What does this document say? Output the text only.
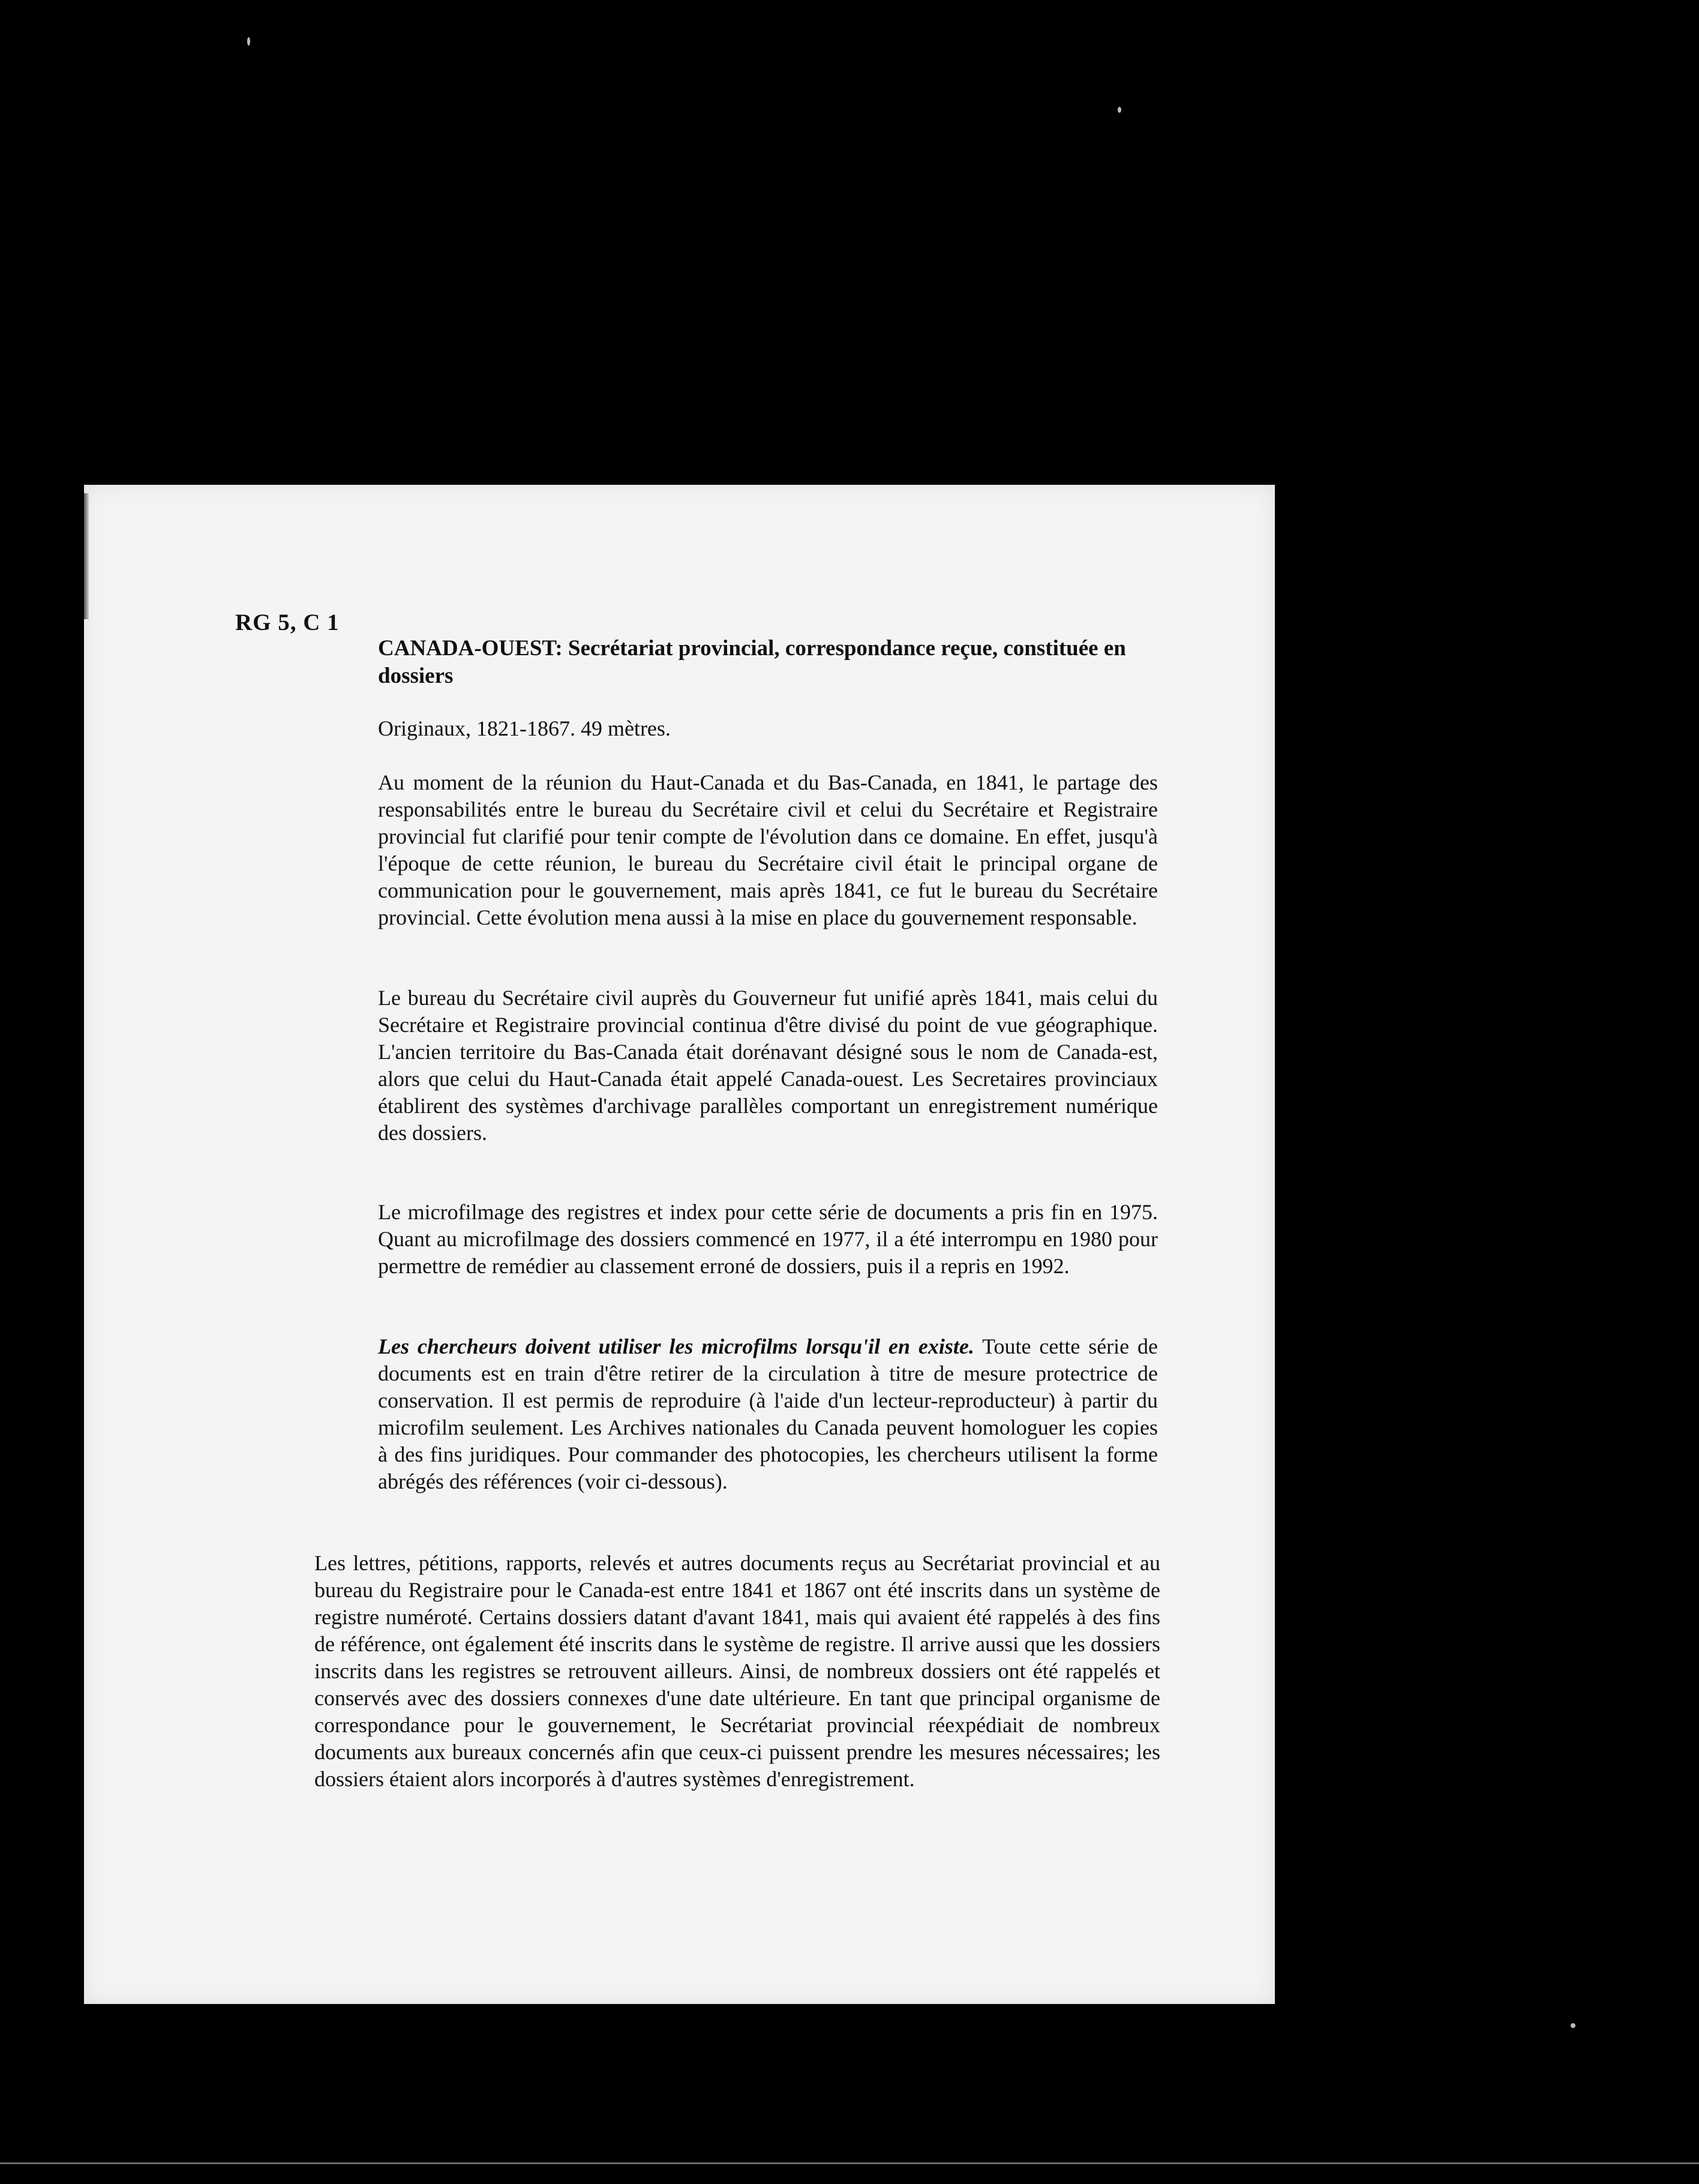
RG 5, C 1
CANADA-OUEST: Secrétariat provincial, correspondance reçue, constituée en dossiers
Originaux, 1821-1867. 49 mètres.

Au moment de la réunion du Haut-Canada et du Bas-Canada, en 1841, le partage des responsabilités entre le bureau du Secrétaire civil et celui du Secrétaire et Registraire provincial fut clarifié pour tenir compte de l'évolution dans ce domaine. En effet, jusqu'à l'époque de cette réunion, le bureau du Secrétaire civil était le principal organe de communication pour le gouvernement, mais après 1841, ce fut le bureau du Secrétaire provincial. Cette évolution mena aussi à la mise en place du gouvernement responsable.

Le bureau du Secrétaire civil auprès du Gouverneur fut unifié après 1841, mais celui du Secrétaire et Registraire provincial continua d'être divisé du point de vue géographique. L'ancien territoire du Bas-Canada était dorénavant désigné sous le nom de Canada-est, alors que celui du Haut-Canada était appelé Canada-ouest. Les Secretaires provinciaux établirent des systèmes d'archivage parallèles comportant un enregistrement numérique des dossiers.

Le microfilmage des registres et index pour cette série de documents a pris fin en 1975. Quant au microfilmage des dossiers commencé en 1977, il a été interrompu en 1980 pour permettre de remédier au classement erroné de dossiers, puis il a repris en 1992.

Les chercheurs doivent utiliser les microfilms lorsqu'il en existe. Toute cette série de documents est en train d'être retirer de la circulation à titre de mesure protectrice de conservation. Il est permis de reproduire (à l'aide d'un lecteur-reproducteur) à partir du microfilm seulement. Les Archives nationales du Canada peuvent homologuer les copies à des fins juridiques. Pour commander des photocopies, les chercheurs utilisent la forme abrégés des références (voir ci-dessous).

Les lettres, pétitions, rapports, relevés et autres documents reçus au Secrétariat provincial et au bureau du Registraire pour le Canada-est entre 1841 et 1867 ont été inscrits dans un système de registre numéroté. Certains dossiers datant d'avant 1841, mais qui avaient été rappelés à des fins de référence, ont également été inscrits dans le système de registre. Il arrive aussi que les dossiers inscrits dans les registres se retrouvent ailleurs. Ainsi, de nombreux dossiers ont été rappelés et conservés avec des dossiers connexes d'une date ultérieure. En tant que principal organisme de correspondance pour le gouvernement, le Secrétariat provincial réexpédiait de nombreux documents aux bureaux concernés afin que ceux-ci puissent prendre les mesures nécessaires; les dossiers étaient alors incorporés à d'autres systèmes d'enregistrement.
